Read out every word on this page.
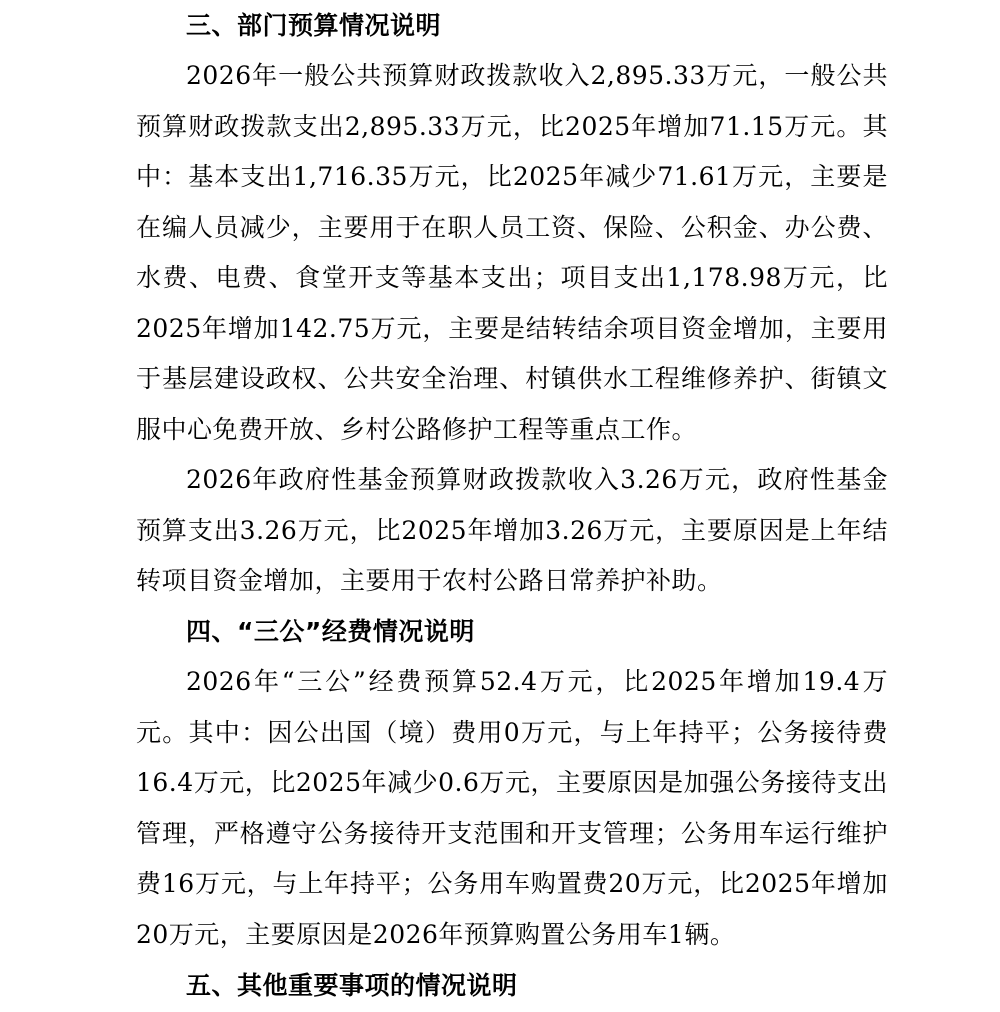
三、部门预算情况说明
2026年一般公共预算财政拨款收入2,895.33万元，一般公共预算财政拨款支出2,895.33万元，比2025年增加71.15万元。其中：基本支出1,716.35万元，比2025年减少71.61万元，主要是在编人员减少，主要用于在职人员工资、保险、公积金、办公费、水费、电费、食堂开支等基本支出；项目支出1,178.98万元，比2025年增加142.75万元，主要是结转结余项目资金增加，主要用于基层建设政权、公共安全治理、村镇供水工程维修养护、街镇文服中心免费开放、乡村公路修护工程等重点工作。
2026年政府性基金预算财政拨款收入3.26万元，政府性基金预算支出3.26万元，比2025年增加3.26万元，主要原因是上年结转项目资金增加，主要用于农村公路日常养护补助。
四、“三公”经费情况说明
2026年“三公”经费预算52.4万元，比2025年增加19.4万元。其中：因公出国（境）费用0万元，与上年持平；公务接待费16.4万元，比2025年减少0.6万元，主要原因是加强公务接待支出管理，严格遵守公务接待开支范围和开支管理；公务用车运行维护费16万元，与上年持平；公务用车购置费20万元，比2025年增加20万元，主要原因是2026年预算购置公务用车1辆。
五、其他重要事项的情况说明
